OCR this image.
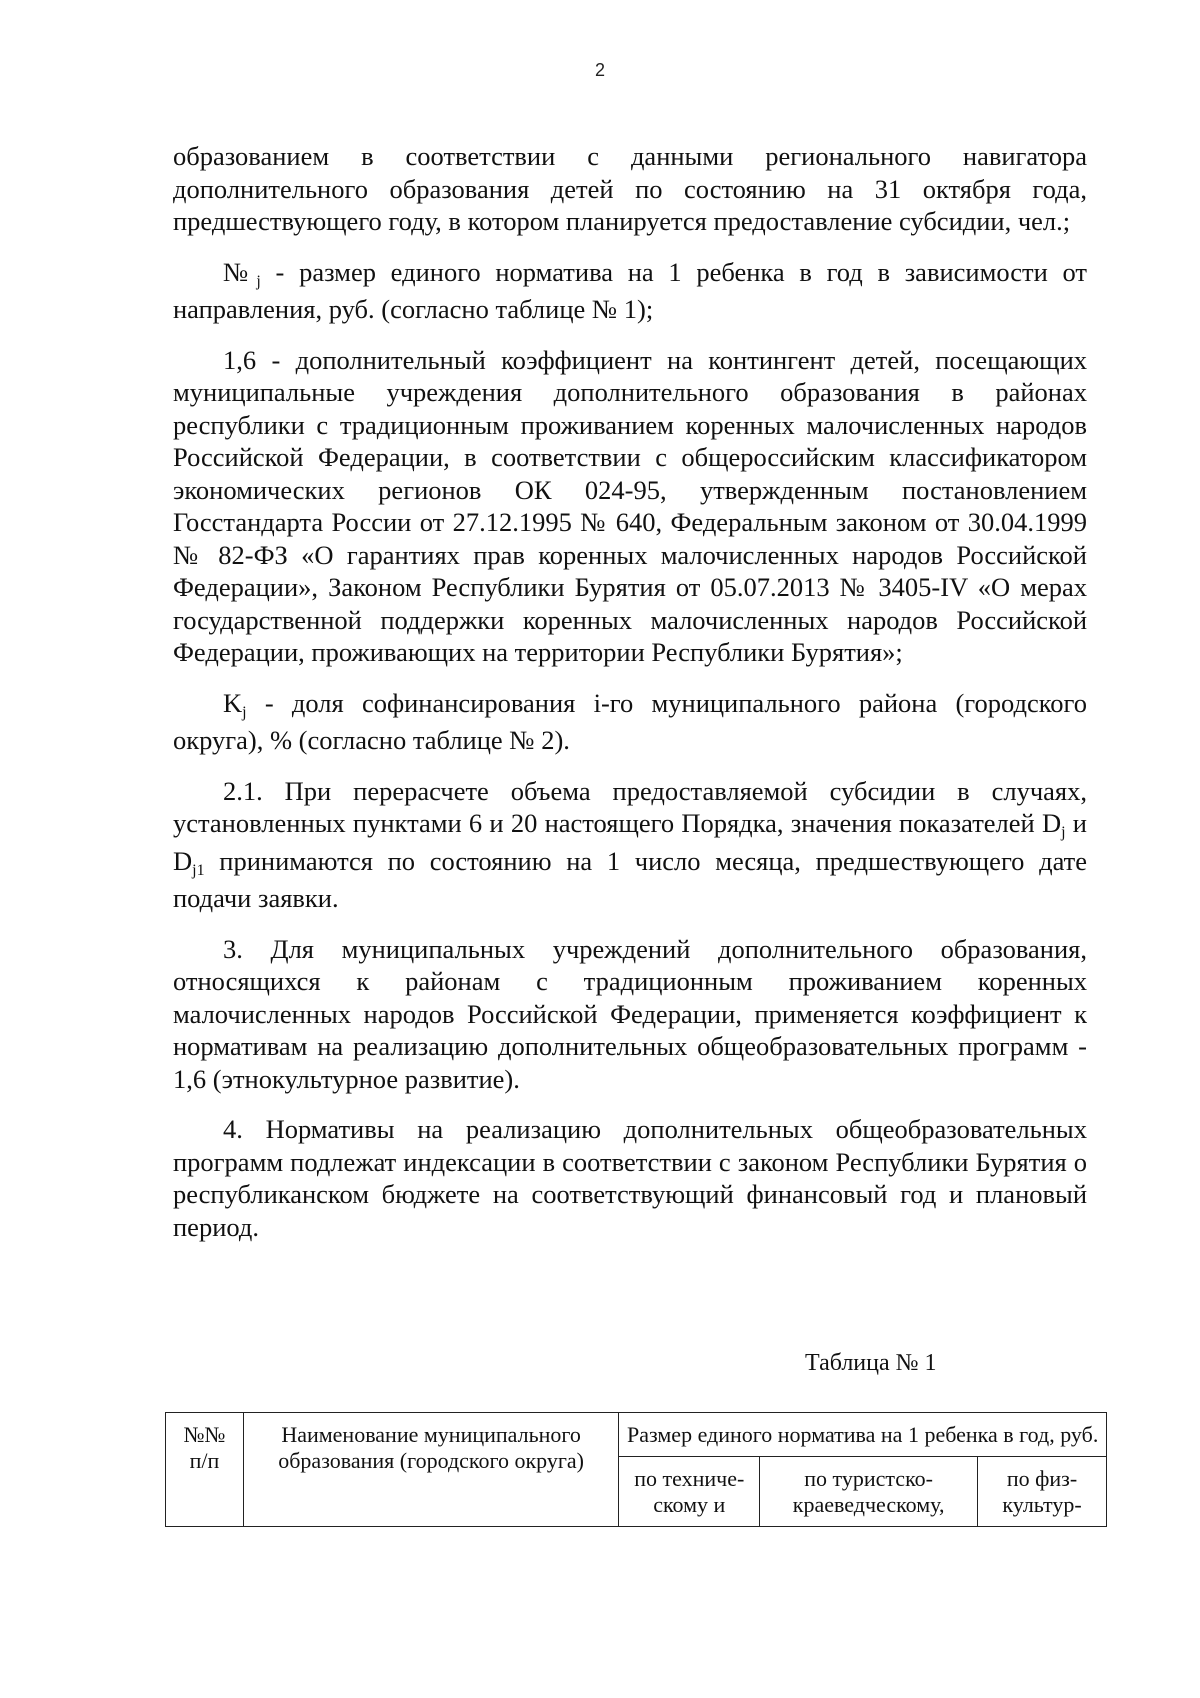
2

образованием в соответствии с данными регионального навигатора дополнительного образования детей по состоянию на 31 октября года, предшествующего году, в котором планируется предоставление субсидии, чел.;

№j - размер единого норматива на 1 ребенка в год в зависимости от направления, руб. (согласно таблице № 1);

1,6 - дополнительный коэффициент на контингент детей, посещающих муниципальные учреждения дополнительного образования в районах республики с традиционным проживанием коренных малочисленных народов Российской Федерации, в соответствии с общероссийским классификатором экономических регионов ОК 024-95, утвержденным постановлением Госстандарта России от 27.12.1995 № 640, Федеральным законом от 30.04.1999 № 82-ФЗ «О гарантиях прав коренных малочисленных народов Российской Федерации», Законом Республики Бурятия от 05.07.2013 № 3405-IV «О мерах государственной поддержки коренных малочисленных народов Российской Федерации, проживающих на территории Республики Бурятия»;

Kj - доля софинансирования i-го муниципального района (городского округа), % (согласно таблице № 2).

2.1. При перерасчете объема предоставляемой субсидии в случаях, установленных пунктами 6 и 20 настоящего Порядка, значения показателей Dj и Dj1 принимаются по состоянию на 1 число месяца, предшествующего дате подачи заявки.

3. Для муниципальных учреждений дополнительного образования, относящихся к районам с традиционным проживанием коренных малочисленных народов Российской Федерации, применяется коэффициент к нормативам на реализацию дополнительных общеобразовательных программ - 1,6 (этнокультурное развитие).

4. Нормативы на реализацию дополнительных общеобразовательных программ подлежат индексации в соответствии с законом Республики Бурятия о республиканском бюджете на соответствующий финансовый год и плановый период.

Таблица № 1
№№ п/п	Наименование муниципального образования (городского округа)	Размер единого норматива на 1 ребенка в год, руб.		
		по техниче- скому и	по туристско- краеведческому,	по физ- культур-
